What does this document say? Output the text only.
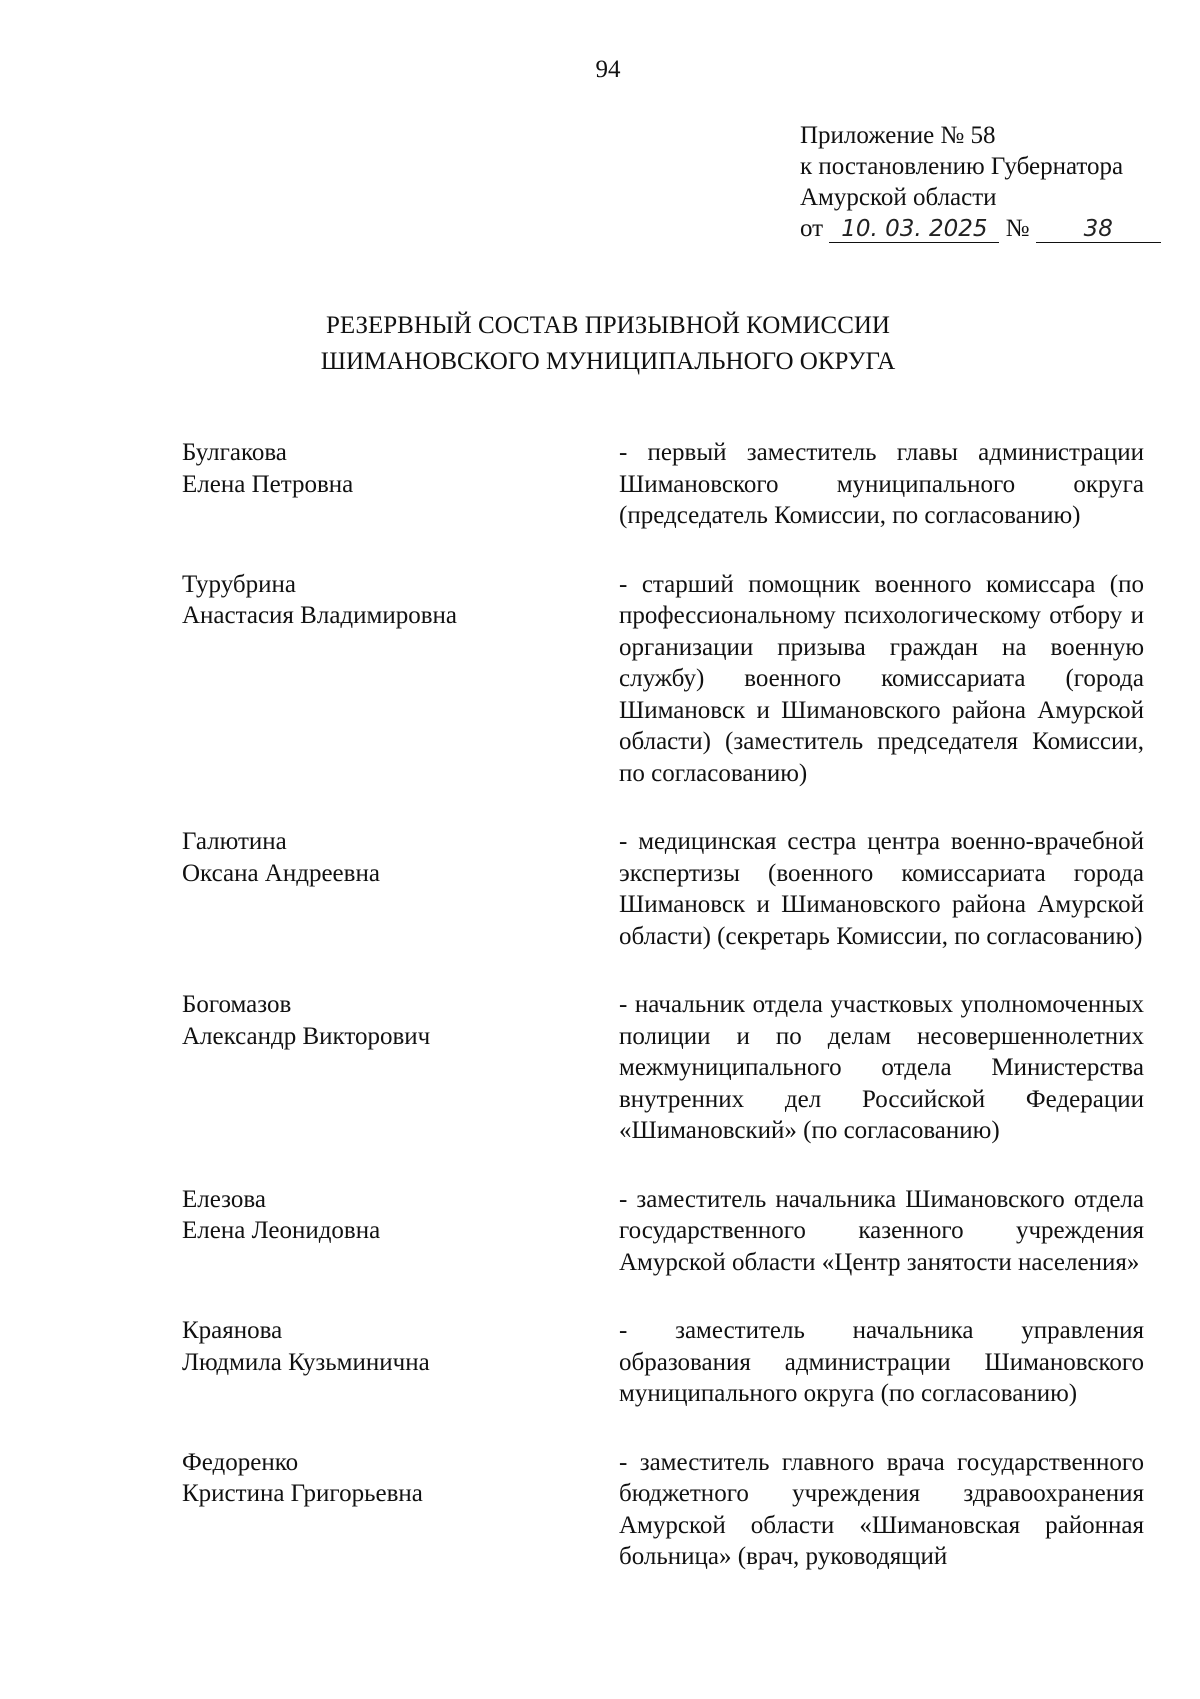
94
Приложение № 58
к постановлению Губернатора
Амурской области
от 10. 03. 2025 № 38
РЕЗЕРВНЫЙ СОСТАВ ПРИЗЫВНОЙ КОМИССИИ
ШИМАНОВСКОГО МУНИЦИПАЛЬНОГО ОКРУГА
Булгакова
Елена Петровна
- первый заместитель главы администрации Шимановского муниципального округа (председатель Комиссии, по согласованию)
Турубрина
Анастасия Владимировна
- старший помощник военного комиссара (по профессиональному психологическому отбору и организации призыва граждан на военную службу) военного комиссариата (города Шимановск и Шимановского района Амурской области) (заместитель председателя Комиссии, по согласованию)
Галютина
Оксана Андреевна
- медицинская сестра центра военно-врачебной экспертизы (военного комиссариата города Шимановск и Шимановского района Амурской области) (секретарь Комиссии, по согласованию)
Богомазов
Александр Викторович
- начальник отдела участковых уполномоченных полиции и по делам несовершеннолетних межмуниципального отдела Министерства внутренних дел Российской Федерации «Шимановский» (по согласованию)
Елезова
Елена Леонидовна
- заместитель начальника Шимановского отдела государственного казенного учреждения Амурской области «Центр занятости населения»
Краянова
Людмила Кузьминична
- заместитель начальника управления образования администрации Шимановского муниципального округа (по согласованию)
Федоренко
Кристина Григорьевна
- заместитель главного врача государственного бюджетного учреждения здравоохранения Амурской области «Шимановская районная больница» (врач, руководящий
